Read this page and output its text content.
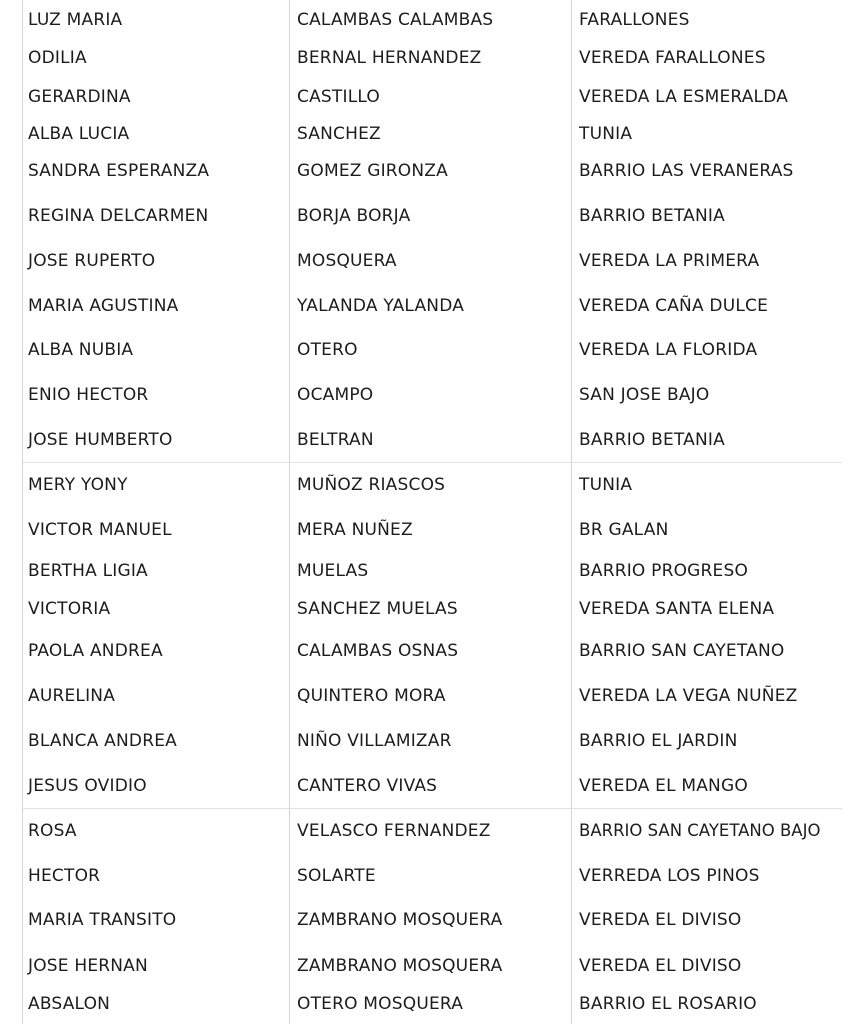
LUZ MARIA	CALAMBAS CALAMBAS	FARALLONES
ODILIA	BERNAL HERNANDEZ	VEREDA FARALLONES
GERARDINA	CASTILLO	VEREDA LA ESMERALDA
ALBA LUCIA	SANCHEZ	TUNIA
SANDRA ESPERANZA	GOMEZ GIRONZA	BARRIO LAS VERANERAS
REGINA DELCARMEN	BORJA BORJA	BARRIO BETANIA
JOSE RUPERTO	MOSQUERA	VEREDA LA PRIMERA
MARIA AGUSTINA	YALANDA YALANDA	VEREDA CAÑA DULCE
ALBA NUBIA	OTERO	VEREDA LA FLORIDA
ENIO HECTOR	OCAMPO	SAN JOSE BAJO
JOSE HUMBERTO	BELTRAN	BARRIO BETANIA
MERY YONY	MUÑOZ RIASCOS	TUNIA
VICTOR MANUEL	MERA NUÑEZ	BR GALAN
BERTHA LIGIA	MUELAS	BARRIO PROGRESO
VICTORIA	SANCHEZ MUELAS	VEREDA SANTA ELENA
PAOLA ANDREA	CALAMBAS OSNAS	BARRIO SAN CAYETANO
AURELINA	QUINTERO MORA	VEREDA LA VEGA NUÑEZ
BLANCA ANDREA	NIÑO VILLAMIZAR	BARRIO EL JARDIN
JESUS OVIDIO	CANTERO VIVAS	VEREDA EL MANGO
ROSA	VELASCO FERNANDEZ	BARRIO SAN CAYETANO BAJO
HECTOR	SOLARTE	VERREDA LOS PINOS
MARIA TRANSITO	ZAMBRANO MOSQUERA	VEREDA EL DIVISO
JOSE HERNAN	ZAMBRANO MOSQUERA	VEREDA EL DIVISO
ABSALON	OTERO MOSQUERA	BARRIO EL ROSARIO
